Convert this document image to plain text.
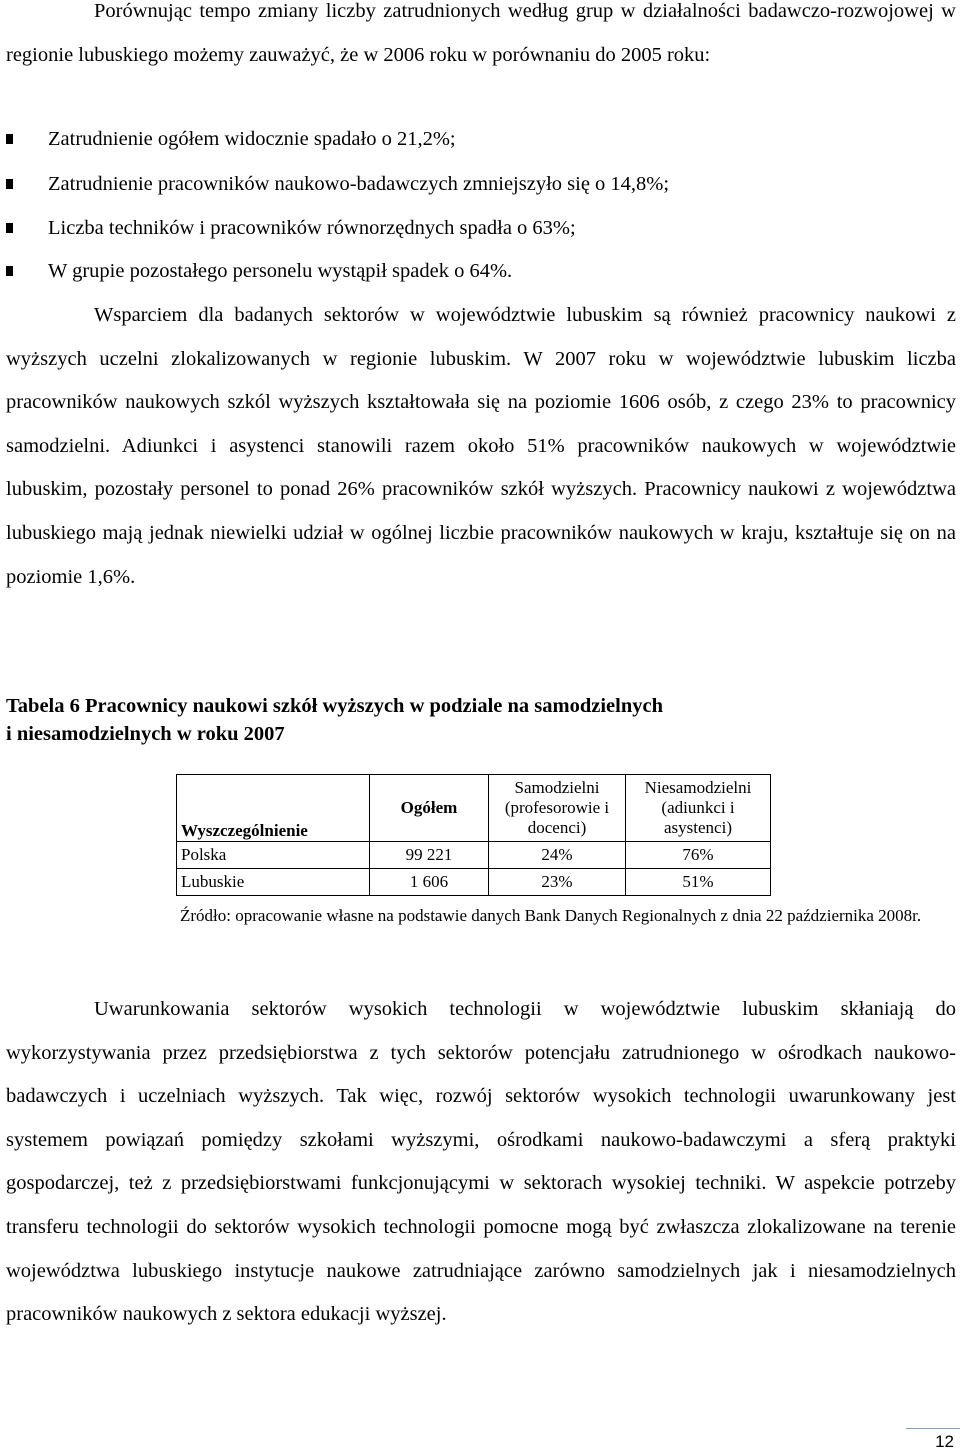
Porównując tempo zmiany liczby zatrudnionych według grup w działalności badawczo-rozwojowej w regionie lubuskiego możemy zauważyć, że w 2006 roku w porównaniu do 2005 roku:

Zatrudnienie ogółem widocznie spadało o 21,2%;
Zatrudnienie pracowników naukowo-badawczych zmniejszyło się o 14,8%;
Liczba techników i pracowników równorzędnych spadła o 63%;
W grupie pozostałego personelu wystąpił spadek o 64%.

Wsparciem dla badanych sektorów w województwie lubuskim są również pracownicy naukowi z wyższych uczelni zlokalizowanych w regionie lubuskim. W 2007 roku w województwie lubuskim liczba pracowników naukowych szkól wyższych kształtowała się na poziomie 1606 osób, z czego 23% to pracownicy samodzielni. Adiunkci i asystenci stanowili razem około 51% pracowników naukowych w województwie lubuskim, pozostały personel to ponad 26% pracowników szkół wyższych. Pracownicy naukowi z województwa lubuskiego mają jednak niewielki udział w ogólnej liczbie pracowników naukowych w kraju, kształtuje się on na poziomie 1,6%.

Tabela 6 Pracownicy naukowi szkół wyższych w podziale na samodzielnych
i niesamodzielnych w roku 2007
Wyszczególnienie	Ogółem	Samodzielni (profesorowie i docenci)	Niesamodzielni (adiunkci i asystenci)
Polska	99 221	24%	76%
Lubuskie	1 606	23%	51%
Źródło: opracowanie własne na podstawie danych Bank Danych Regionalnych z dnia 22 października 2008r.

Uwarunkowania sektorów wysokich technologii w województwie lubuskim skłaniają do wykorzystywania przez przedsiębiorstwa z tych sektorów potencjału zatrudnionego w ośrodkach naukowo-badawczych i uczelniach wyższych. Tak więc, rozwój sektorów wysokich technologii uwarunkowany jest systemem powiązań pomiędzy szkołami wyższymi, ośrodkami naukowo-badawczymi a sferą praktyki gospodarczej, też z przedsiębiorstwami funkcjonującymi w sektorach wysokiej techniki. W aspekcie potrzeby transferu technologii do sektorów wysokich technologii pomocne mogą być zwłaszcza zlokalizowane na terenie województwa lubuskiego instytucje naukowe zatrudniające zarówno samodzielnych jak i niesamodzielnych pracowników naukowych z sektora edukacji wyższej.

12
